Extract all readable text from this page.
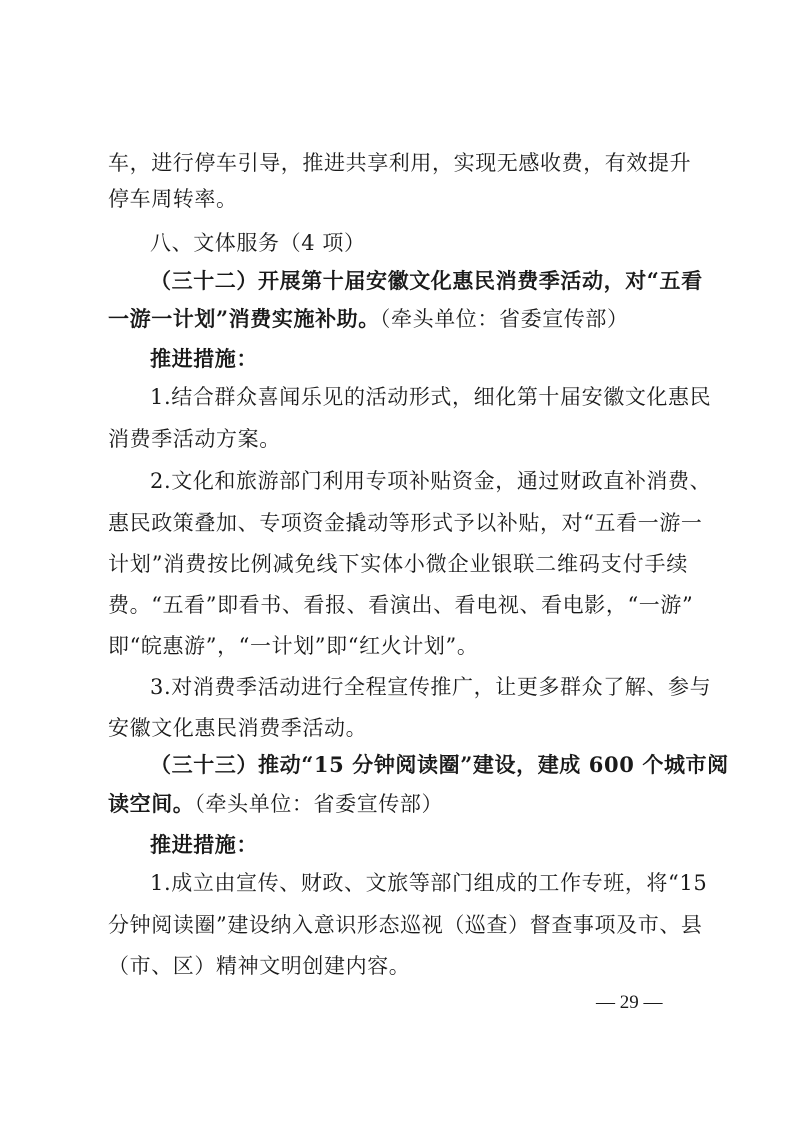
车，进行停车引导，推进共享利用，实现无感收费，有效提升
停车周转率。
八、文体服务（4 项）
（三十二）开展第十届安徽文化惠民消费季活动，对“五看
一游一计划”消费实施补助。（牵头单位：省委宣传部）
推进措施：
1.结合群众喜闻乐见的活动形式，细化第十届安徽文化惠民
消费季活动方案。
2.文化和旅游部门利用专项补贴资金，通过财政直补消费、
惠民政策叠加、专项资金撬动等形式予以补贴，对“五看一游一
计划”消费按比例减免线下实体小微企业银联二维码支付手续
费。“五看”即看书、看报、看演出、看电视、看电影，“一游”
即“皖惠游”，“一计划”即“红火计划”。
3.对消费季活动进行全程宣传推广，让更多群众了解、参与
安徽文化惠民消费季活动。
（三十三）推动“15 分钟阅读圈”建设，建成 600 个城市阅
读空间。（牵头单位：省委宣传部）
推进措施：
1.成立由宣传、财政、文旅等部门组成的工作专班，将“15
分钟阅读圈”建设纳入意识形态巡视（巡查）督查事项及市、县
（市、区）精神文明创建内容。
— 29 —
